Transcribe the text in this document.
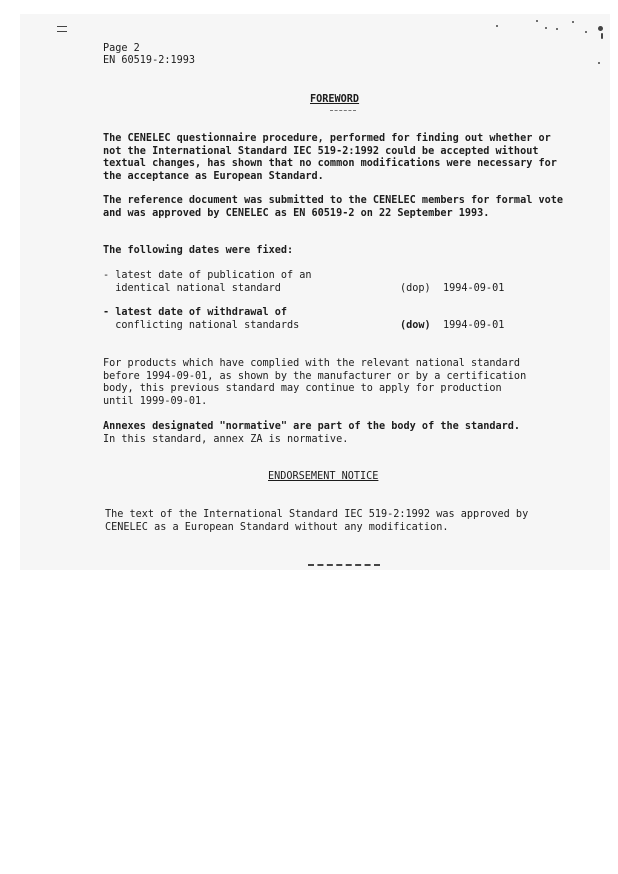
Page 2
EN 60519-2:1993
FOREWORD
The CENELEC questionnaire procedure, performed for finding out whether or
not the International Standard IEC 519-2:1992 could be accepted without
textual changes, has shown that no common modifications were necessary for
the acceptance as European Standard.
The reference document was submitted to the CENELEC members for formal vote
and was approved by CENELEC as EN 60519-2 on 22 September 1993.
The following dates were fixed:
- latest date of publication of an
identical national standard	(dop) 1994-09-01
- latest date of withdrawal of
conflicting national standards	(dow) 1994-09-01
For products which have complied with the relevant national standard
before 1994-09-01, as shown by the manufacturer or by a certification
body, this previous standard may continue to apply for production
until 1999-09-01.
Annexes designated "normative" are part of the body of the standard.
In this standard, annex ZA is normative.
ENDORSEMENT NOTICE
The text of the International Standard IEC 519-2:1992 was approved by
CENELEC as a European Standard without any modification.
